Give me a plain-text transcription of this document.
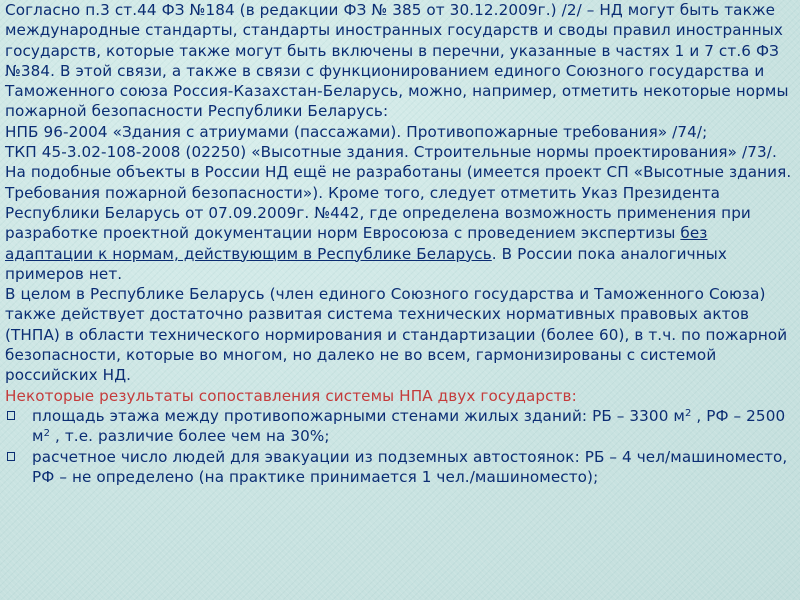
Согласно п.3 ст.44 ФЗ №184 (в редакции ФЗ № 385 от 30.12.2009г.) /2/ – НД могут быть также международные стандарты, стандарты иностранных государств и своды правил иностранных государств, которые также могут быть включены в перечни, указанные в частях 1 и 7 ст.6 ФЗ №384. В этой связи, а также в связи с функционированием единого Союзного государства и Таможенного союза Россия-Казахстан-Беларусь, можно, например, отметить некоторые нормы пожарной безопасности Республики Беларусь:

НПБ 96-2004 «Здания с атриумами (пассажами). Противопожарные требования» /74/;

ТКП 45-3.02-108-2008 (02250) «Высотные здания. Строительные нормы проектирования» /73/.

На подобные объекты в России НД ещё не разработаны (имеется проект СП «Высотные здания. Требования пожарной безопасности»). Кроме того, следует отметить Указ Президента Республики Беларусь от 07.09.2009г. №442, где определена возможность применения при разработке проектной документации норм Евросоюза с проведением экспертизы без адаптации к нормам, действующим в Республике Беларусь. В России пока аналогичных примеров нет.

В целом в Республике Беларусь (член единого Союзного государства и Таможенного Союза) также действует достаточно развитая система технических нормативных правовых актов (ТНПА) в области технического нормирования и стандартизации (более 60), в т.ч. по пожарной безопасности, которые во многом, но далеко не во всем, гармонизированы с системой российских НД.

Некоторые результаты сопоставления системы НПА двух государств:

площадь этажа между противопожарными стенами жилых зданий: РБ – 3300 $м^2$ , РФ – 2500 $м^2$ , т.е. различие более чем на 30%;

расчетное число людей для эвакуации из подземных автостоянок: РБ – 4 чел/машиноместо, РФ – не определено (на практике принимается 1 чел./машиноместо);
